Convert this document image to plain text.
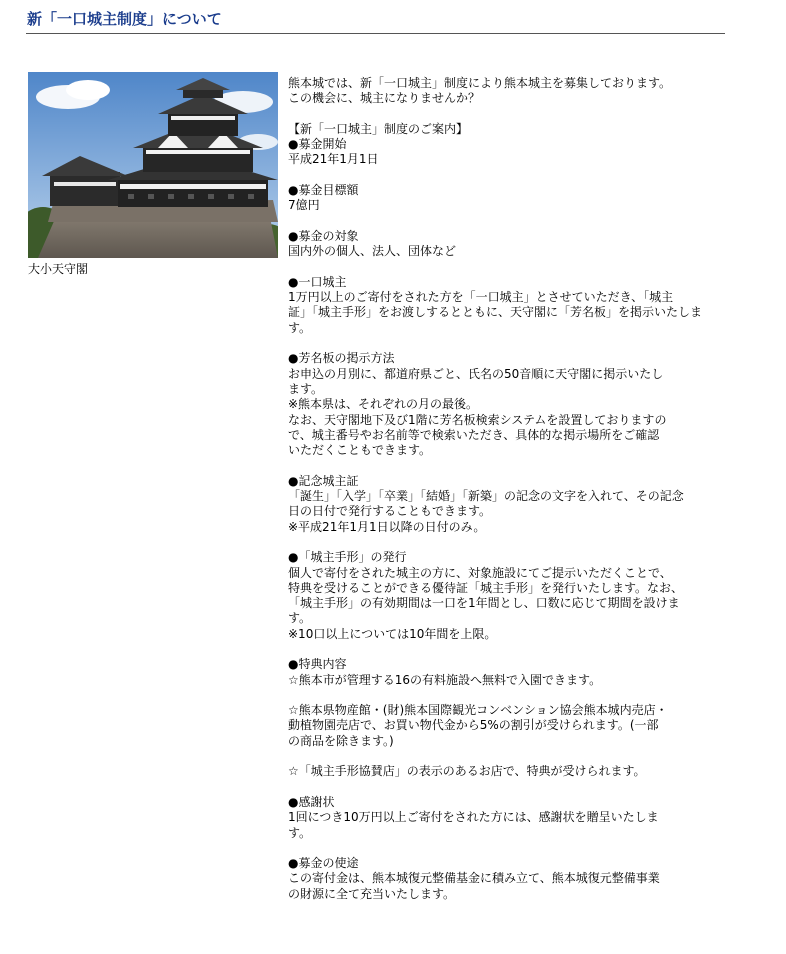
新「一口城主制度」について
大小天守閣

熊本城では、新「一口城主」制度により熊本城主を募集しております。

この機会に、城主になりませんか？

【新「一口城主」制度のご案内】

●募金開始

平成21年1月1日

●募金目標額

7億円

●募金の対象

国内外の個人、法人、団体など

●一口城主

1万円以上のご寄付をされた方を「一口城主」とさせていただき、「城主

証」「城主手形」をお渡しするとともに、天守閣に「芳名板」を掲示いたしま

す。

●芳名板の掲示方法

お申込の月別に、都道府県ごと、氏名の50音順に天守閣に掲示いたし

ます。

※熊本県は、それぞれの月の最後。

なお、天守閣地下及び1階に芳名板検索システムを設置しておりますの

で、城主番号やお名前等で検索いただき、具体的な掲示場所をご確認

いただくこともできます。

●記念城主証

「誕生」「入学」「卒業」「結婚」「新築」の記念の文字を入れて、その記念

日の日付で発行することもできます。

※平成21年1月1日以降の日付のみ。

●「城主手形」の発行

個人で寄付をされた城主の方に、対象施設にてご提示いただくことで、

特典を受けることができる優待証「城主手形」を発行いたします。なお、

「城主手形」の有効期間は一口を1年間とし、口数に応じて期間を設けま

す。

※10口以上については10年間を上限。

●特典内容

☆熊本市が管理する16の有料施設へ無料で入園できます。

☆熊本県物産館・(財)熊本国際観光コンベンション協会熊本城内売店・

動植物園売店で、お買い物代金から5%の割引が受けられます。(一部

の商品を除きます。)

☆「城主手形協賛店」の表示のあるお店で、特典が受けられます。

●感謝状

1回につき10万円以上ご寄付をされた方には、感謝状を贈呈いたしま

す。

●募金の使途

この寄付金は、熊本城復元整備基金に積み立て、熊本城復元整備事業

の財源に全て充当いたします。
